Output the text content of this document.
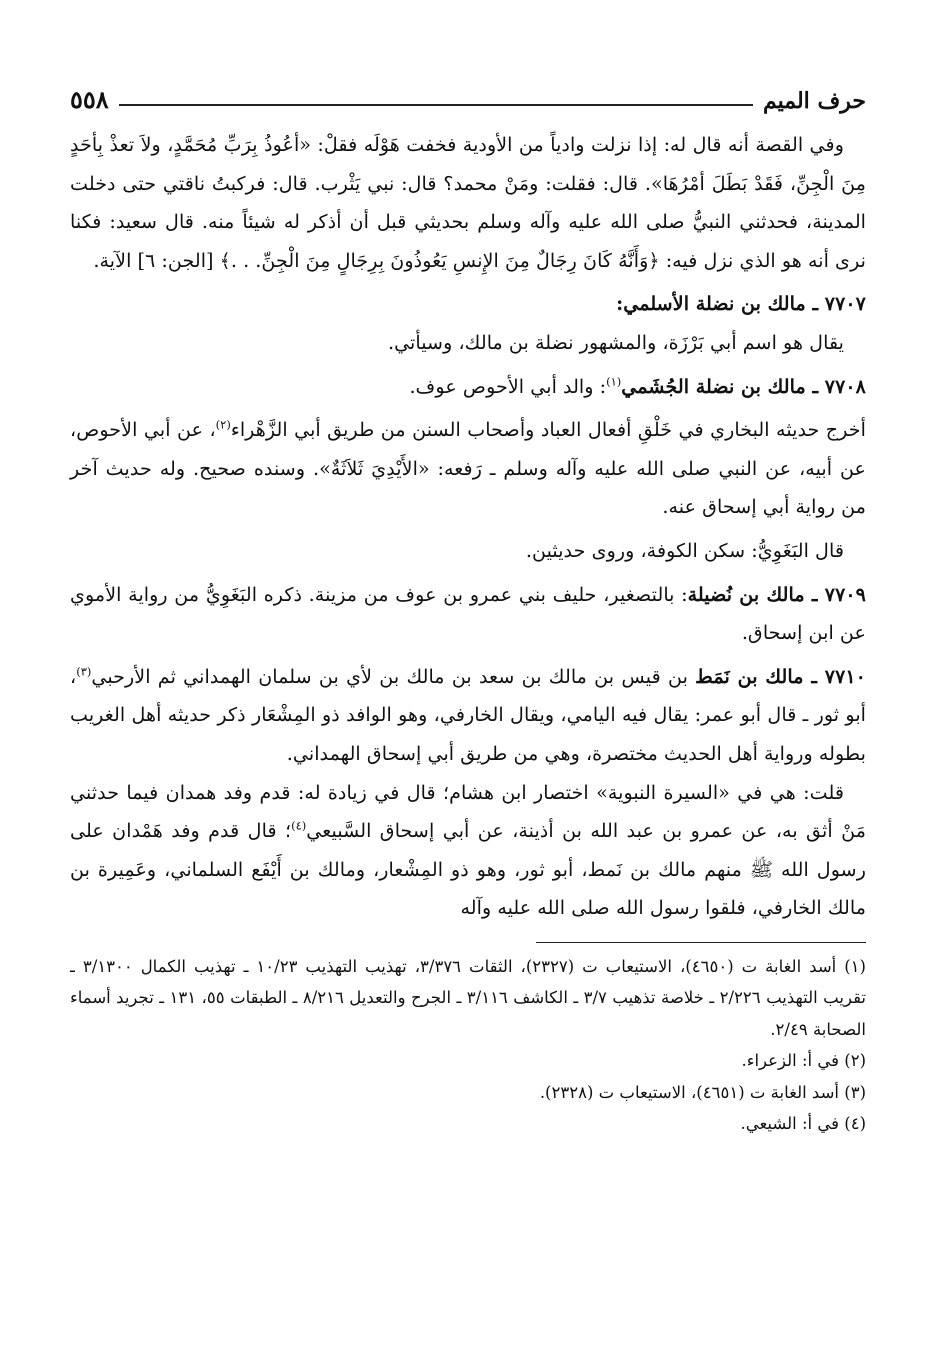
حرف الميم
٥٥٨

وفي القصة أنه قال له: إذا نزلت وادياً من الأودية فخفت هَوْلَه فقلْ: «أعُوذُ بِرَبِّ مُحَمَّدٍ، ولاَ تعذْ بِأحَدٍ مِنَ الْجِنِّ، فَقَدْ بَطَلَ أمْرُهَا». قال: فقلت: ومَنْ محمد؟ قال: نبي يَثْرب. قال: فركبتُ ناقتي حتى دخلت المدينة، فحدثني النبيُّ صلى الله عليه وآله وسلم بحديثي قبل أن أذكر له شيئاً منه. قال سعيد: فكنا نرى أنه هو الذي نزل فيه: ﴿وَأَنَّهُ كَانَ رِجَالٌ مِنَ الإِنسِ يَعُوذُونَ بِرِجَالٍ مِنَ الْجِنِّ. . .﴾ [الجن: ٦] الآية.

٧٧٠٧ ـ مالك بن نضلة الأسلمي:

يقال هو اسم أبي بَرْزَة، والمشهور نضلة بن مالك، وسيأتي.

٧٧٠٨ ـ مالك بن نضلة الجُشَمي$^{(١)}$: والد أبي الأحوص عوف.

أخرج حديثه البخاري في خَلْقِ أفعال العباد وأصحاب السنن من طريق أبي الزَّهْراء$^{(٢)}$، عن أبي الأحوص، عن أبيه، عن النبي صلى الله عليه وآله وسلم ـ رَفعه: «الأَيْدِيَ ثَلاَثَةٌ». وسنده صحيح. وله حديث آخر من رواية أبي إسحاق عنه.

قال البَغَوِيُّ: سكن الكوفة، وروى حديثين.

٧٧٠٩ ـ مالك بن نُضيلة: بالتصغير، حليف بني عمرو بن عوف من مزينة. ذكره البَغَوِيُّ من رواية الأموي عن ابن إسحاق.

٧٧١٠ ـ مالك بن نَمَط بن قيس بن مالك بن سعد بن مالك بن لأي بن سلمان الهمداني ثم الأرحبي$^{(٣)}$، أبو ثور ـ قال أبو عمر: يقال فيه اليامي، ويقال الخارفي، وهو الوافد ذو المِشْعَار ذكر حديثه أهل الغريب بطوله ورواية أهل الحديث مختصرة، وهي من طريق أبي إسحاق الهمداني.

قلت: هي في «السيرة النبوية» اختصار ابن هشام؛ قال في زيادة له: قدم وفد همدان فيما حدثني مَنْ أثق به، عن عمرو بن عبد الله بن أذينة، عن أبي إسحاق السَّبيعي$^{(٤)}$؛ قال قدم وفد هَمْدان على رسول الله ﷺ منهم مالك بن نَمط، أبو ثور، وهو ذو المِشْعار، ومالك بن أَيْفَع السلماني، وعَمِيرة بن مالك الخارفي، فلقوا رسول الله صلى الله عليه وآله

(١) أسد الغابة ت (٤٦٥٠)، الاستيعاب ت (٢٣٢٧)، الثقات ٣/٣٧٦، تهذيب التهذيب ١٠/٢٣ ـ تهذيب الكمال ٣/١٣٠٠ ـ تقريب التهذيب ٢/٢٢٦ ـ خلاصة تذهيب ٣/٧ ـ الكاشف ٣/١١٦ ـ الجرح والتعديل ٨/٢١٦ ـ الطبقات ٥٥، ١٣١ ـ تجريد أسماء الصحابة ٢/٤٩.

(٢) في أ: الزعراء.

(٣) أسد الغابة ت (٤٦٥١)، الاستيعاب ت (٢٣٢٨).

(٤) في أ: الشيعي.
